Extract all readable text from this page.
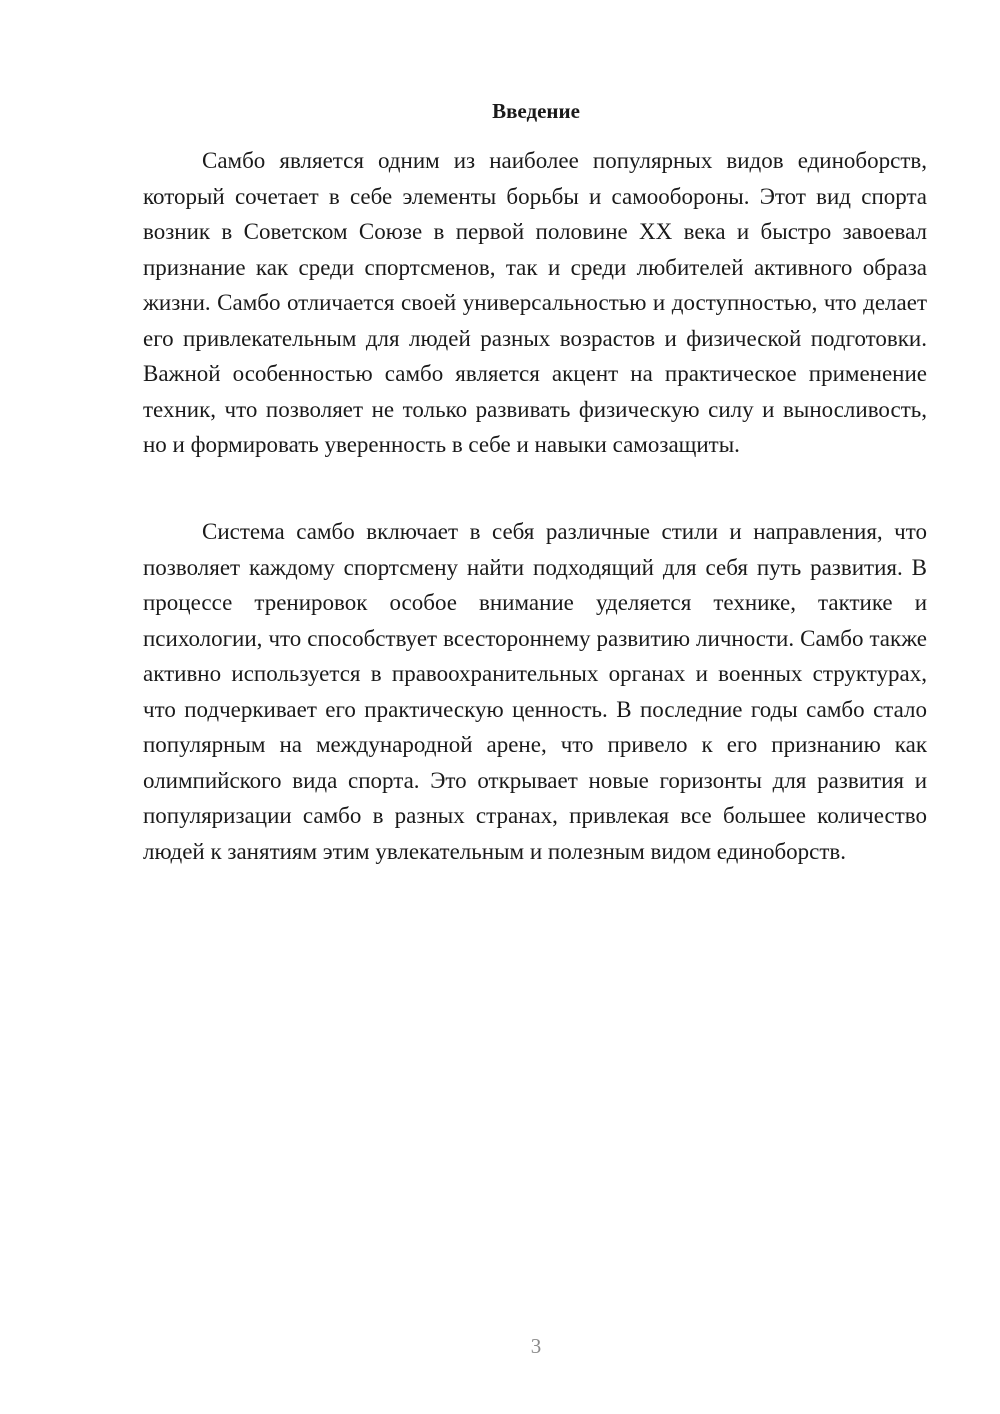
Введение

Самбо является одним из наиболее популярных видов единоборств, который сочетает в себе элементы борьбы и самообороны. Этот вид спорта возник в Советском Союзе в первой половине XX века и быстро завоевал признание как среди спортсменов, так и среди любителей активного образа жизни. Самбо отличается своей универсальностью и доступностью, что делает его привлекательным для людей разных возрастов и физической подготовки. Важной особенностью самбо является акцент на практическое применение техник, что позволяет не только развивать физическую силу и выносливость, но и формировать уверенность в себе и навыки самозащиты.

Система самбо включает в себя различные стили и направления, что позволяет каждому спортсмену найти подходящий для себя путь развития. В процессе тренировок особое внимание уделяется технике, тактике и психологии, что способствует всестороннему развитию личности. Самбо также активно используется в правоохранительных органах и военных структурах, что подчеркивает его практическую ценность. В последние годы самбо стало популярным на международной арене, что привело к его признанию как олимпийского вида спорта. Это открывает новые горизонты для развития и популяризации самбо в разных странах, привлекая все большее количество людей к занятиям этим увлекательным и полезным видом единоборств.

3
